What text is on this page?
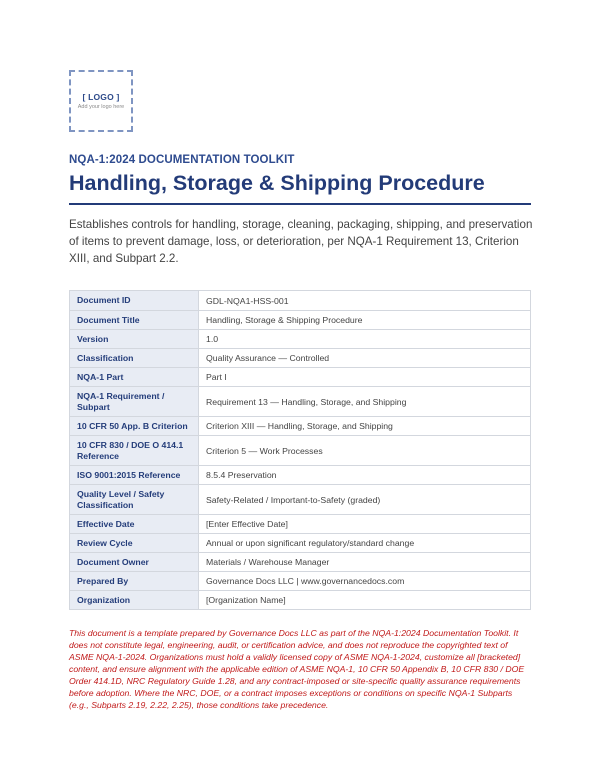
[ LOGO ]
Add your logo here
NQA-1:2024 DOCUMENTATION TOOLKIT
Handling, Storage & Shipping Procedure
Establishes controls for handling, storage, cleaning, packaging, shipping, and preservation of items to prevent damage, loss, or deterioration, per NQA-1 Requirement 13, Criterion XIII, and Subpart 2.2.
Document ID	GDL-NQA1-HSS-001
Document Title	Handling, Storage & Shipping Procedure
Version	1.0
Classification	Quality Assurance — Controlled
NQA-1 Part	Part I
NQA-1 Requirement / Subpart	Requirement 13 — Handling, Storage, and Shipping
10 CFR 50 App. B Criterion	Criterion XIII — Handling, Storage, and Shipping
10 CFR 830 / DOE O 414.1 Reference	Criterion 5 — Work Processes
ISO 9001:2015 Reference	8.5.4 Preservation
Quality Level / Safety Classification	Safety-Related / Important-to-Safety (graded)
Effective Date	[Enter Effective Date]
Review Cycle	Annual or upon significant regulatory/standard change
Document Owner	Materials / Warehouse Manager
Prepared By	Governance Docs LLC | www.governancedocs.com
Organization	[Organization Name]
This document is a template prepared by Governance Docs LLC as part of the NQA-1:2024 Documentation Toolkit. It does not constitute legal, engineering, audit, or certification advice, and does not reproduce the copyrighted text of ASME NQA-1-2024. Organizations must hold a validly licensed copy of ASME NQA-1-2024, customize all [bracketed] content, and ensure alignment with the applicable edition of ASME NQA-1, 10 CFR 50 Appendix B, 10 CFR 830 / DOE Order 414.1D, NRC Regulatory Guide 1.28, and any contract-imposed or site-specific quality assurance requirements before adoption. Where the NRC, DOE, or a contract imposes exceptions or conditions on specific NQA-1 Subparts (e.g., Subparts 2.19, 2.22, 2.25), those conditions take precedence.
